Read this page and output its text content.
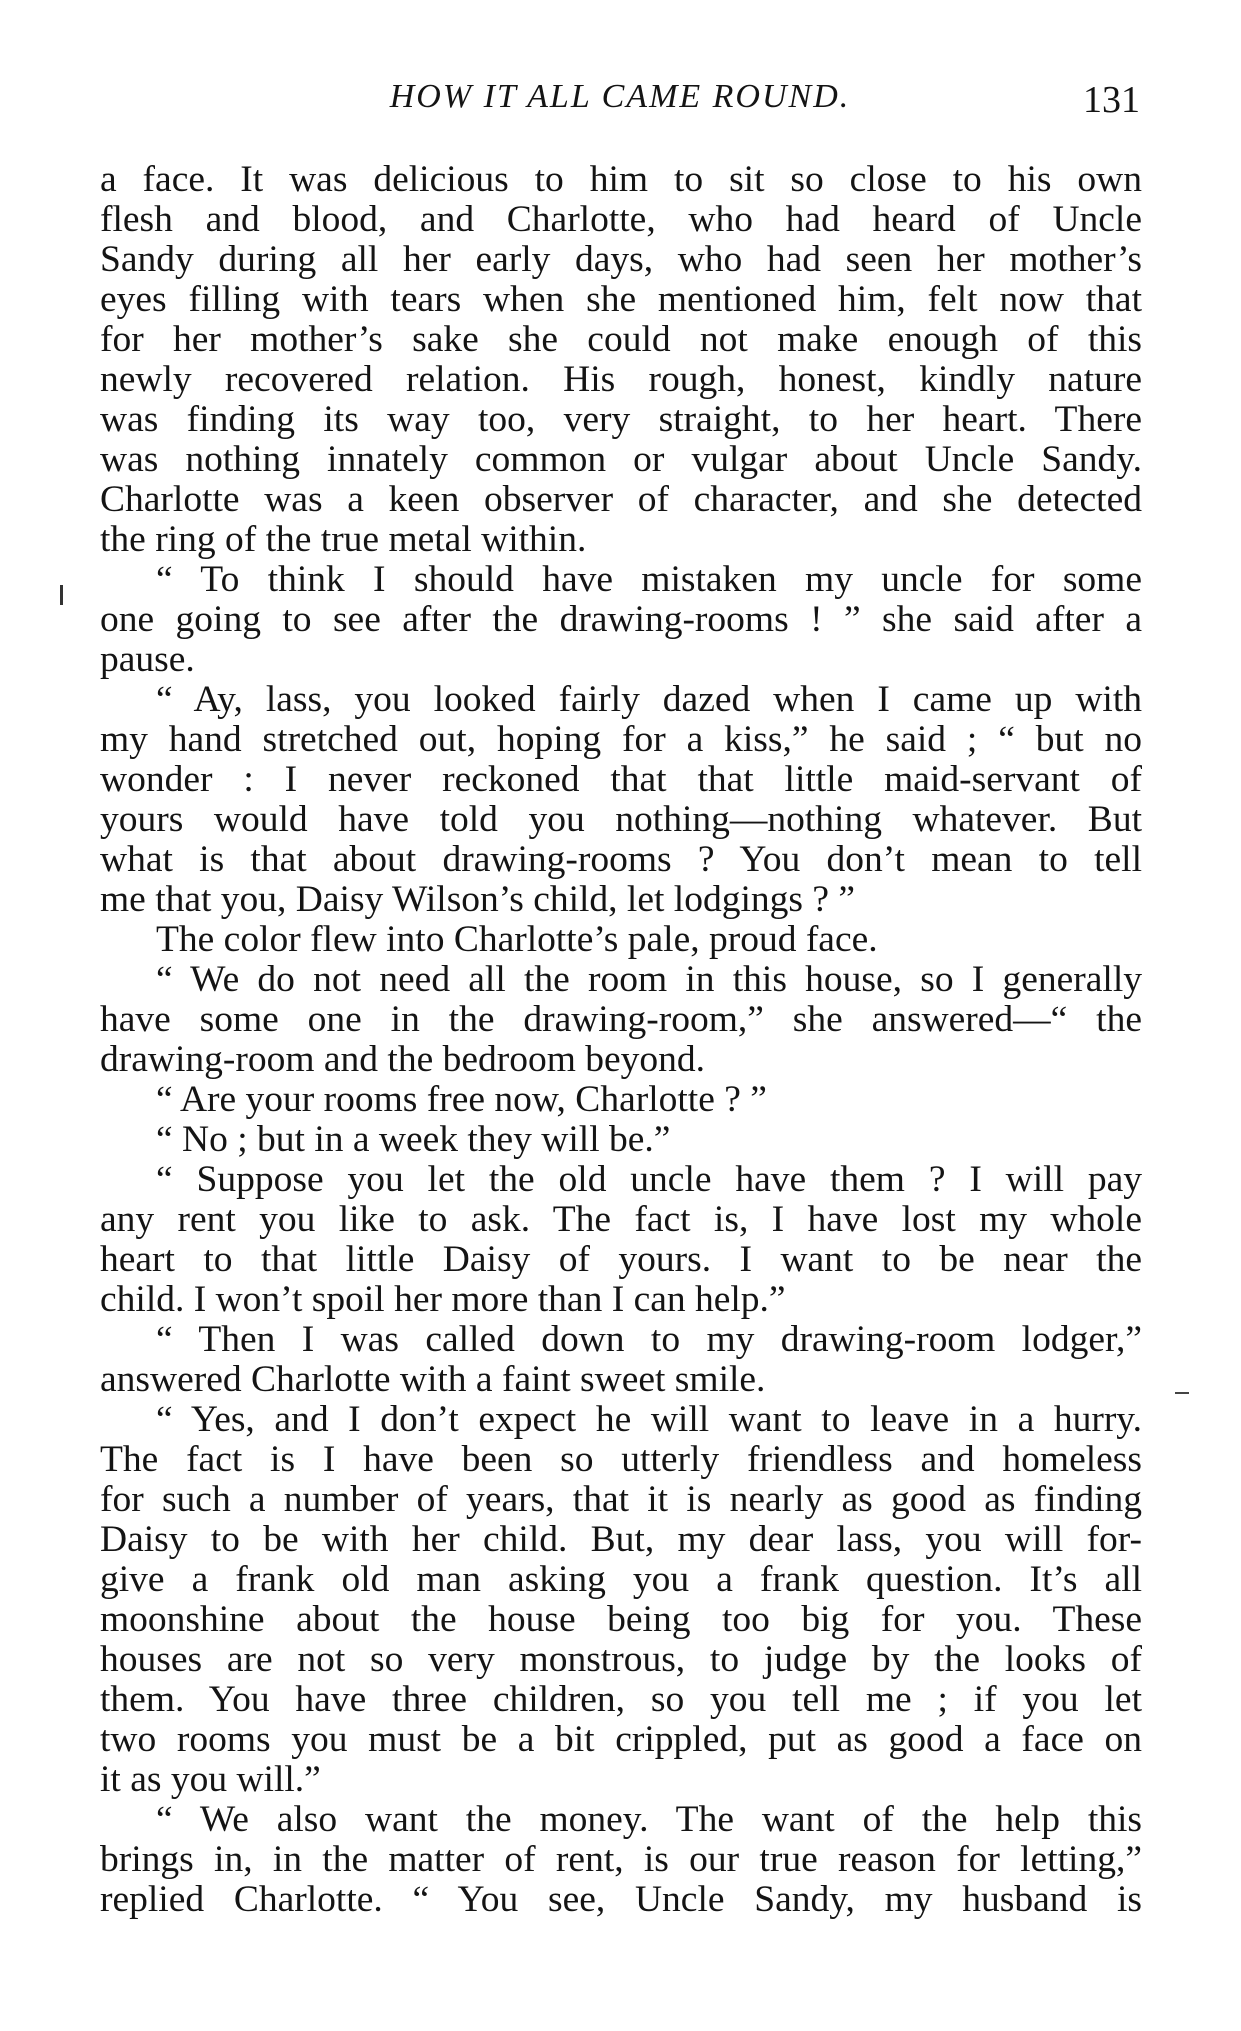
HOW IT ALL CAME ROUND.	131
a face. It was delicious to him to sit so close to his own
flesh and blood, and Charlotte, who had heard of Uncle
Sandy during all her early days, who had seen her mother’s
eyes filling with tears when she mentioned him, felt now that
for her mother’s sake she could not make enough of this
newly recovered relation. His rough, honest, kindly nature
was finding its way too, very straight, to her heart. There
was nothing innately common or vulgar about Uncle Sandy.
Charlotte was a keen observer of character, and she detected
the ring of the true metal within.
“ To think I should have mistaken my uncle for some
one going to see after the drawing-rooms ! ” she said after a
pause.
“ Ay, lass, you looked fairly dazed when I came up with
my hand stretched out, hoping for a kiss,” he said ; “ but no
wonder : I never reckoned that that little maid-servant of
yours would have told you nothing—nothing whatever. But
what is that about drawing-rooms ? You don’t mean to tell
me that you, Daisy Wilson’s child, let lodgings ? ”
The color flew into Charlotte’s pale, proud face.
“ We do not need all the room in this house, so I generally
have some one in the drawing-room,” she answered—“ the
drawing-room and the bedroom beyond.
“ Are your rooms free now, Charlotte ? ”
“ No ; but in a week they will be.”
“ Suppose you let the old uncle have them ? I will pay
any rent you like to ask. The fact is, I have lost my whole
heart to that little Daisy of yours. I want to be near the
child. I won’t spoil her more than I can help.”
“ Then I was called down to my drawing-room lodger,”
answered Charlotte with a faint sweet smile.
“ Yes, and I don’t expect he will want to leave in a hurry.
The fact is I have been so utterly friendless and homeless
for such a number of years, that it is nearly as good as finding
Daisy to be with her child. But, my dear lass, you will for-
give a frank old man asking you a frank question. It’s all
moonshine about the house being too big for you. These
houses are not so very monstrous, to judge by the looks of
them. You have three children, so you tell me ; if you let
two rooms you must be a bit crippled, put as good a face on
it as you will.”
“ We also want the money. The want of the help this
brings in, in the matter of rent, is our true reason for letting,”
replied Charlotte. “ You see, Uncle Sandy, my husband is
